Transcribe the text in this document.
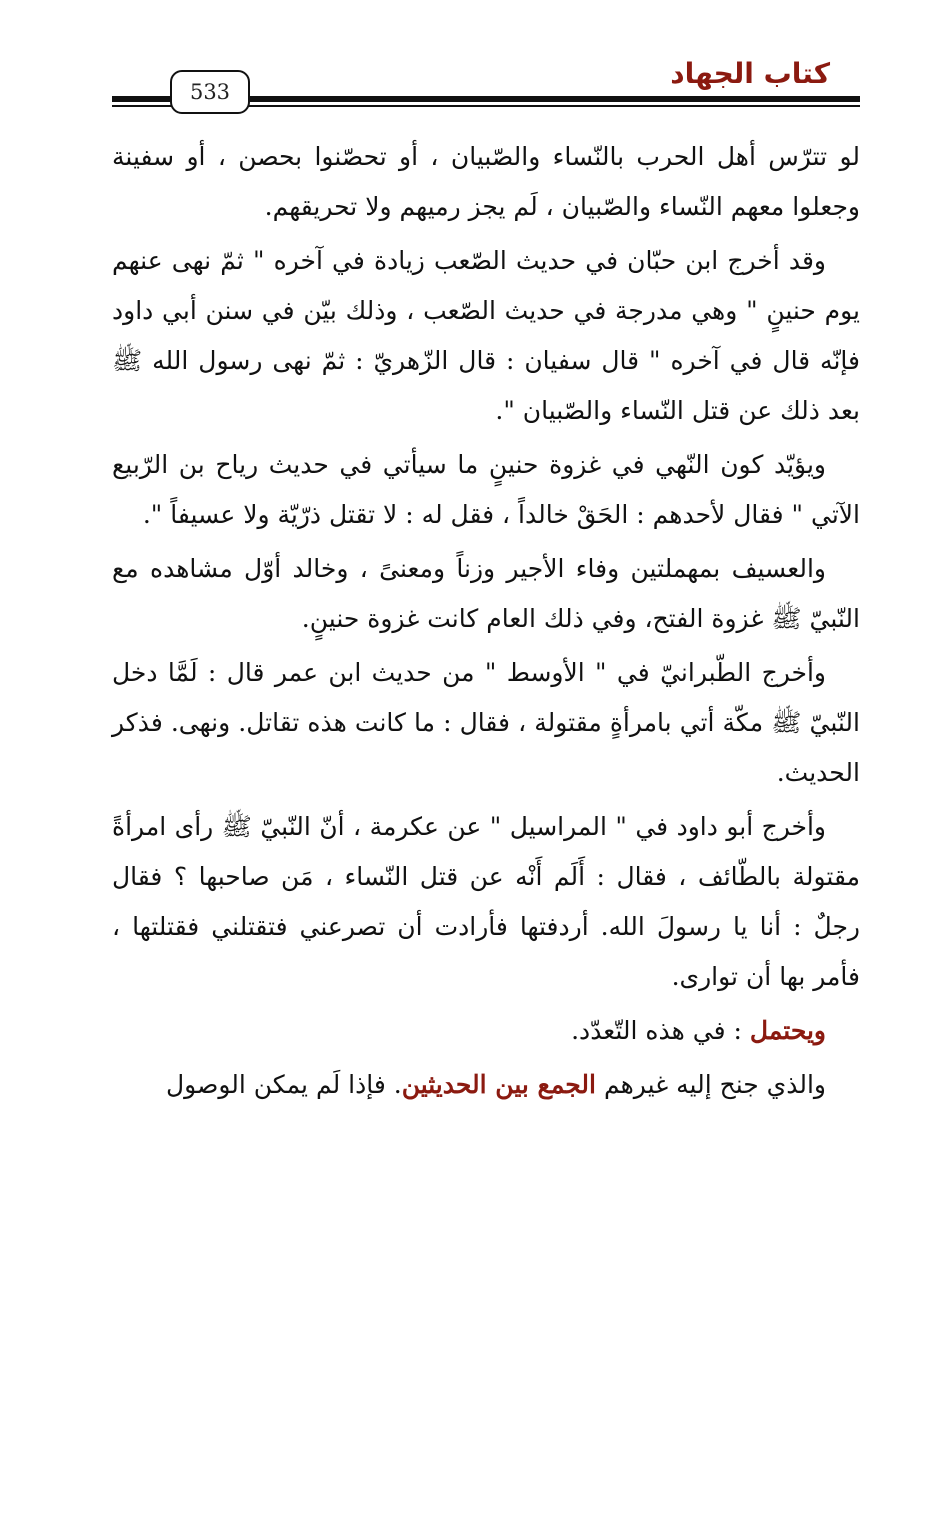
كتاب الجهاد
533

لو تترّس أهل الحرب بالنّساء والصّبيان ، أو تحصّنوا بحصن ، أو سفينة وجعلوا معهم النّساء والصّبيان ، لَم يجز رميهم ولا تحريقهم.

وقد أخرج ابن حبّان في حديث الصّعب زيادة في آخره " ثمّ نهى عنهم يوم حنينٍ " وهي مدرجة في حديث الصّعب ، وذلك بيّن في سنن أبي داود فإنّه قال في آخره " قال سفيان : قال الزّهريّ : ثمّ نهى رسول الله ﷺ بعد ذلك عن قتل النّساء والصّبيان ".

ويؤيّد كون النّهي في غزوة حنينٍ ما سيأتي في حديث رياح بن الرّبيع الآتي " فقال لأحدهم : الحَقْ خالداً ، فقل له : لا تقتل ذرّيّة ولا عسيفاً ".

والعسيف بمهملتين وفاء الأجير وزناً ومعنىً ، وخالد أوّل مشاهده مع النّبيّ ﷺ غزوة الفتح، وفي ذلك العام كانت غزوة حنينٍ.

وأخرج الطّبرانيّ في " الأوسط " من حديث ابن عمر قال : لَمَّا دخل النّبيّ ﷺ مكّة أتي بامرأةٍ مقتولة ، فقال : ما كانت هذه تقاتل. ونهى. فذكر الحديث.

وأخرج أبو داود في " المراسيل " عن عكرمة ، أنّ النّبيّ ﷺ رأى امرأةً مقتولة بالطّائف ، فقال : أَلَم أَنْه عن قتل النّساء ، مَن صاحبها ؟ فقال رجلٌ : أنا يا رسولَ الله. أردفتها فأرادت أن تصرعني فتقتلني فقتلتها ، فأمر بها أن توارى.

ويحتمل : في هذه التّعدّد.

والذي جنح إليه غيرهم الجمع بين الحديثين. فإذا لَم يمكن الوصول
